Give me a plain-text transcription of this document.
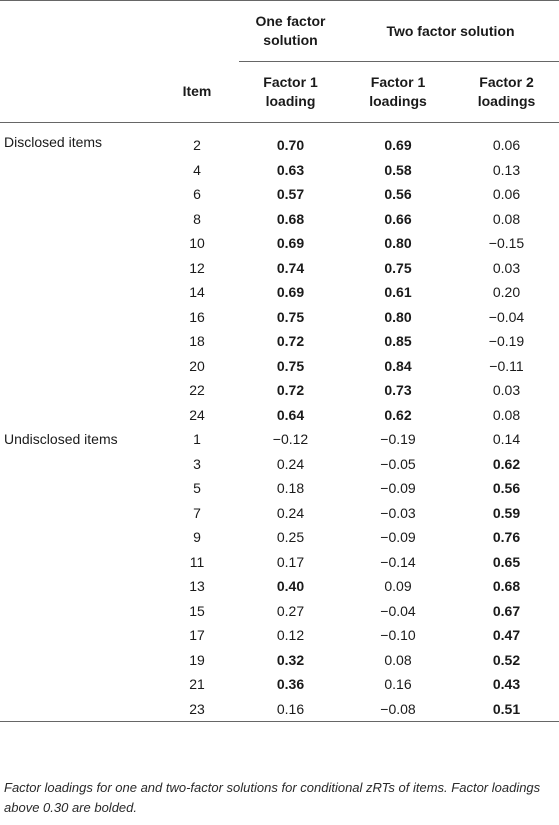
		One factor solution	Two factor solution	
	Item	Factor 1 loading	Factor 1 loadings	Factor 2 loadings
Disclosed items	2	0.70	0.69	0.06
	4	0.63	0.58	0.13
	6	0.57	0.56	0.06
	8	0.68	0.66	0.08
	10	0.69	0.80	−0.15
	12	0.74	0.75	0.03
	14	0.69	0.61	0.20
	16	0.75	0.80	−0.04
	18	0.72	0.85	−0.19
	20	0.75	0.84	−0.11
	22	0.72	0.73	0.03
	24	0.64	0.62	0.08
Undisclosed items	1	−0.12	−0.19	0.14
	3	0.24	−0.05	0.62
	5	0.18	−0.09	0.56
	7	0.24	−0.03	0.59
	9	0.25	−0.09	0.76
	11	0.17	−0.14	0.65
	13	0.40	0.09	0.68
	15	0.27	−0.04	0.67
	17	0.12	−0.10	0.47
	19	0.32	0.08	0.52
	21	0.36	0.16	0.43
	23	0.16	−0.08	0.51
Factor loadings for one and two-factor solutions for conditional zRTs of items. Factor loadings above 0.30 are bolded.
